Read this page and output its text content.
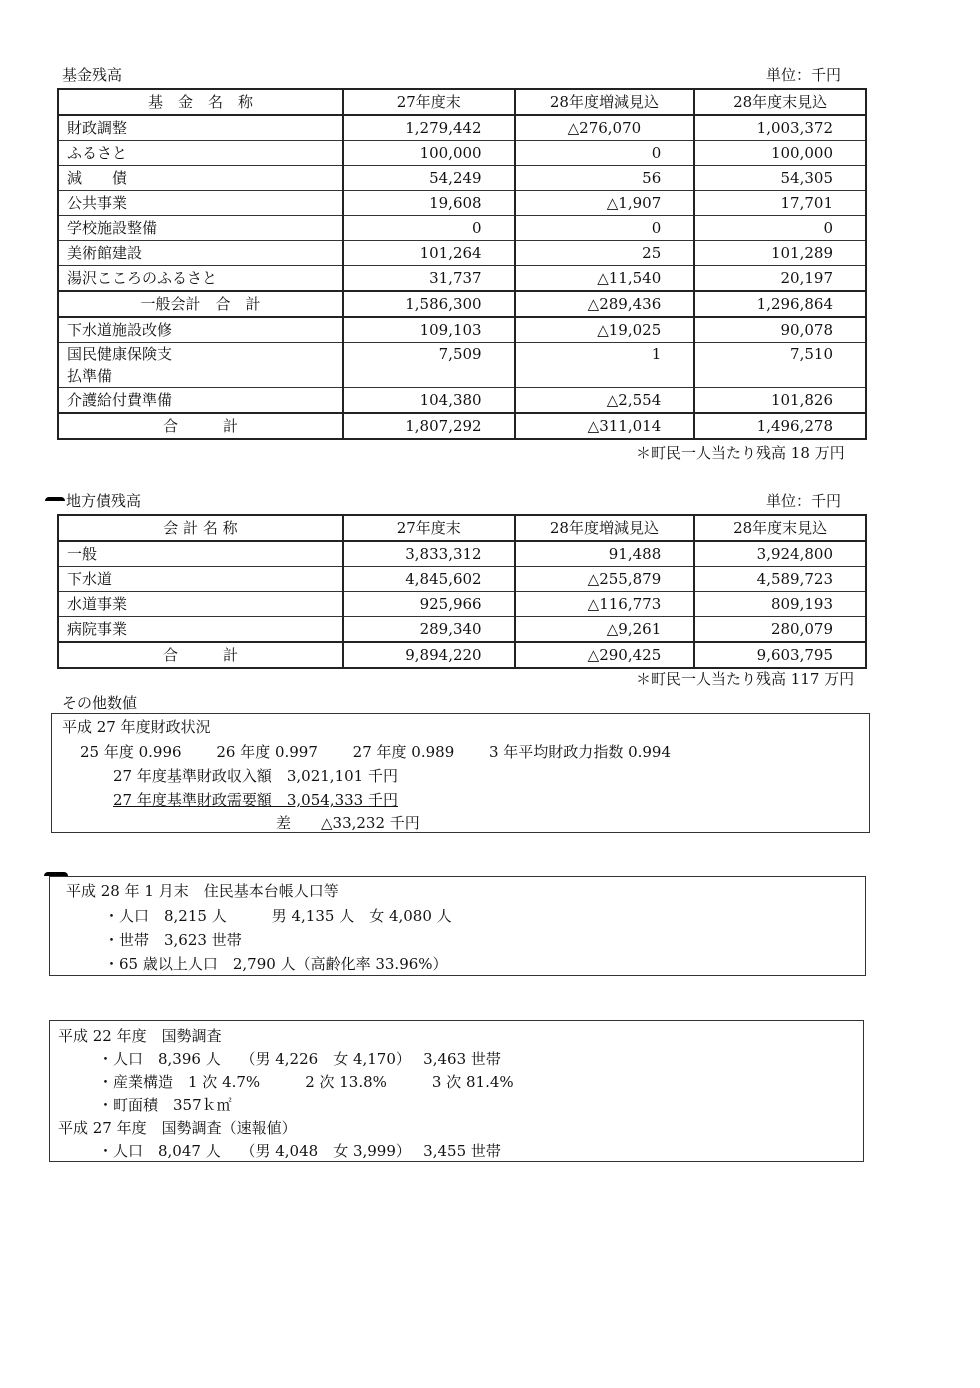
基金残高	単位：千円
基　金　名　称	27年度末	28年度増減見込	28年度末見込
財政調整	1,279,442	△276,070	1,003,372
ふるさと	100,000	0	100,000
減　　債	54,249	56	54,305
公共事業	19,608	△1,907	17,701
学校施設整備	0	0	0
美術館建設	101,264	25	101,289
湯沢こころのふるさと	31,737	△11,540	20,197
一般会計　合　計	1,586,300	△289,436	1,296,864
下水道施設改修	109,103	△19,025	90,078

国民健康保険支
払準備	7,509	1	7,510
介護給付費準備	104,380	△2,554	101,826
合　　　計	1,807,292	△311,014	1,496,278
＊町民一人当たり残高 18 万円
地方債残高	単位：千円
会 計 名 称	27年度末	28年度増減見込	28年度末見込
一般	3,833,312	91,488	3,924,800
下水道	4,845,602	△255,879	4,589,723
水道事業	925,966	△116,773	809,193
病院事業	289,340	△9,261	280,079
合　　　計	9,894,220	△290,425	9,603,795
＊町民一人当たり残高 117 万円
その他数値
平成 27 年度財政状況
25 年度 0.996　　 26 年度 0.997　　 27 年度 0.989　　 3 年平均財政力指数 0.994
27 年度基準財政収入額　3,021,101 千円
27 年度基準財政需要額　3,054,333 千円
差　　△33,232 千円
平成 28 年 1 月末　住民基本台帳人口等
・人口　8,215 人　　　男 4,135 人　女 4,080 人
・世帯　3,623 世帯
・65 歳以上人口　2,790 人（高齢化率 33.96%）
平成 22 年度　国勢調査
・人口　8,396 人　 （男 4,226　女 4,170）　 3,463 世帯
・産業構造　1 次 4.7%　　　2 次 13.8%　　　3 次 81.4%
・町面積　357ｋ㎡
平成 27 年度　国勢調査（速報値）
・人口　8,047 人　 （男 4,048　女 3,999）　 3,455 世帯
